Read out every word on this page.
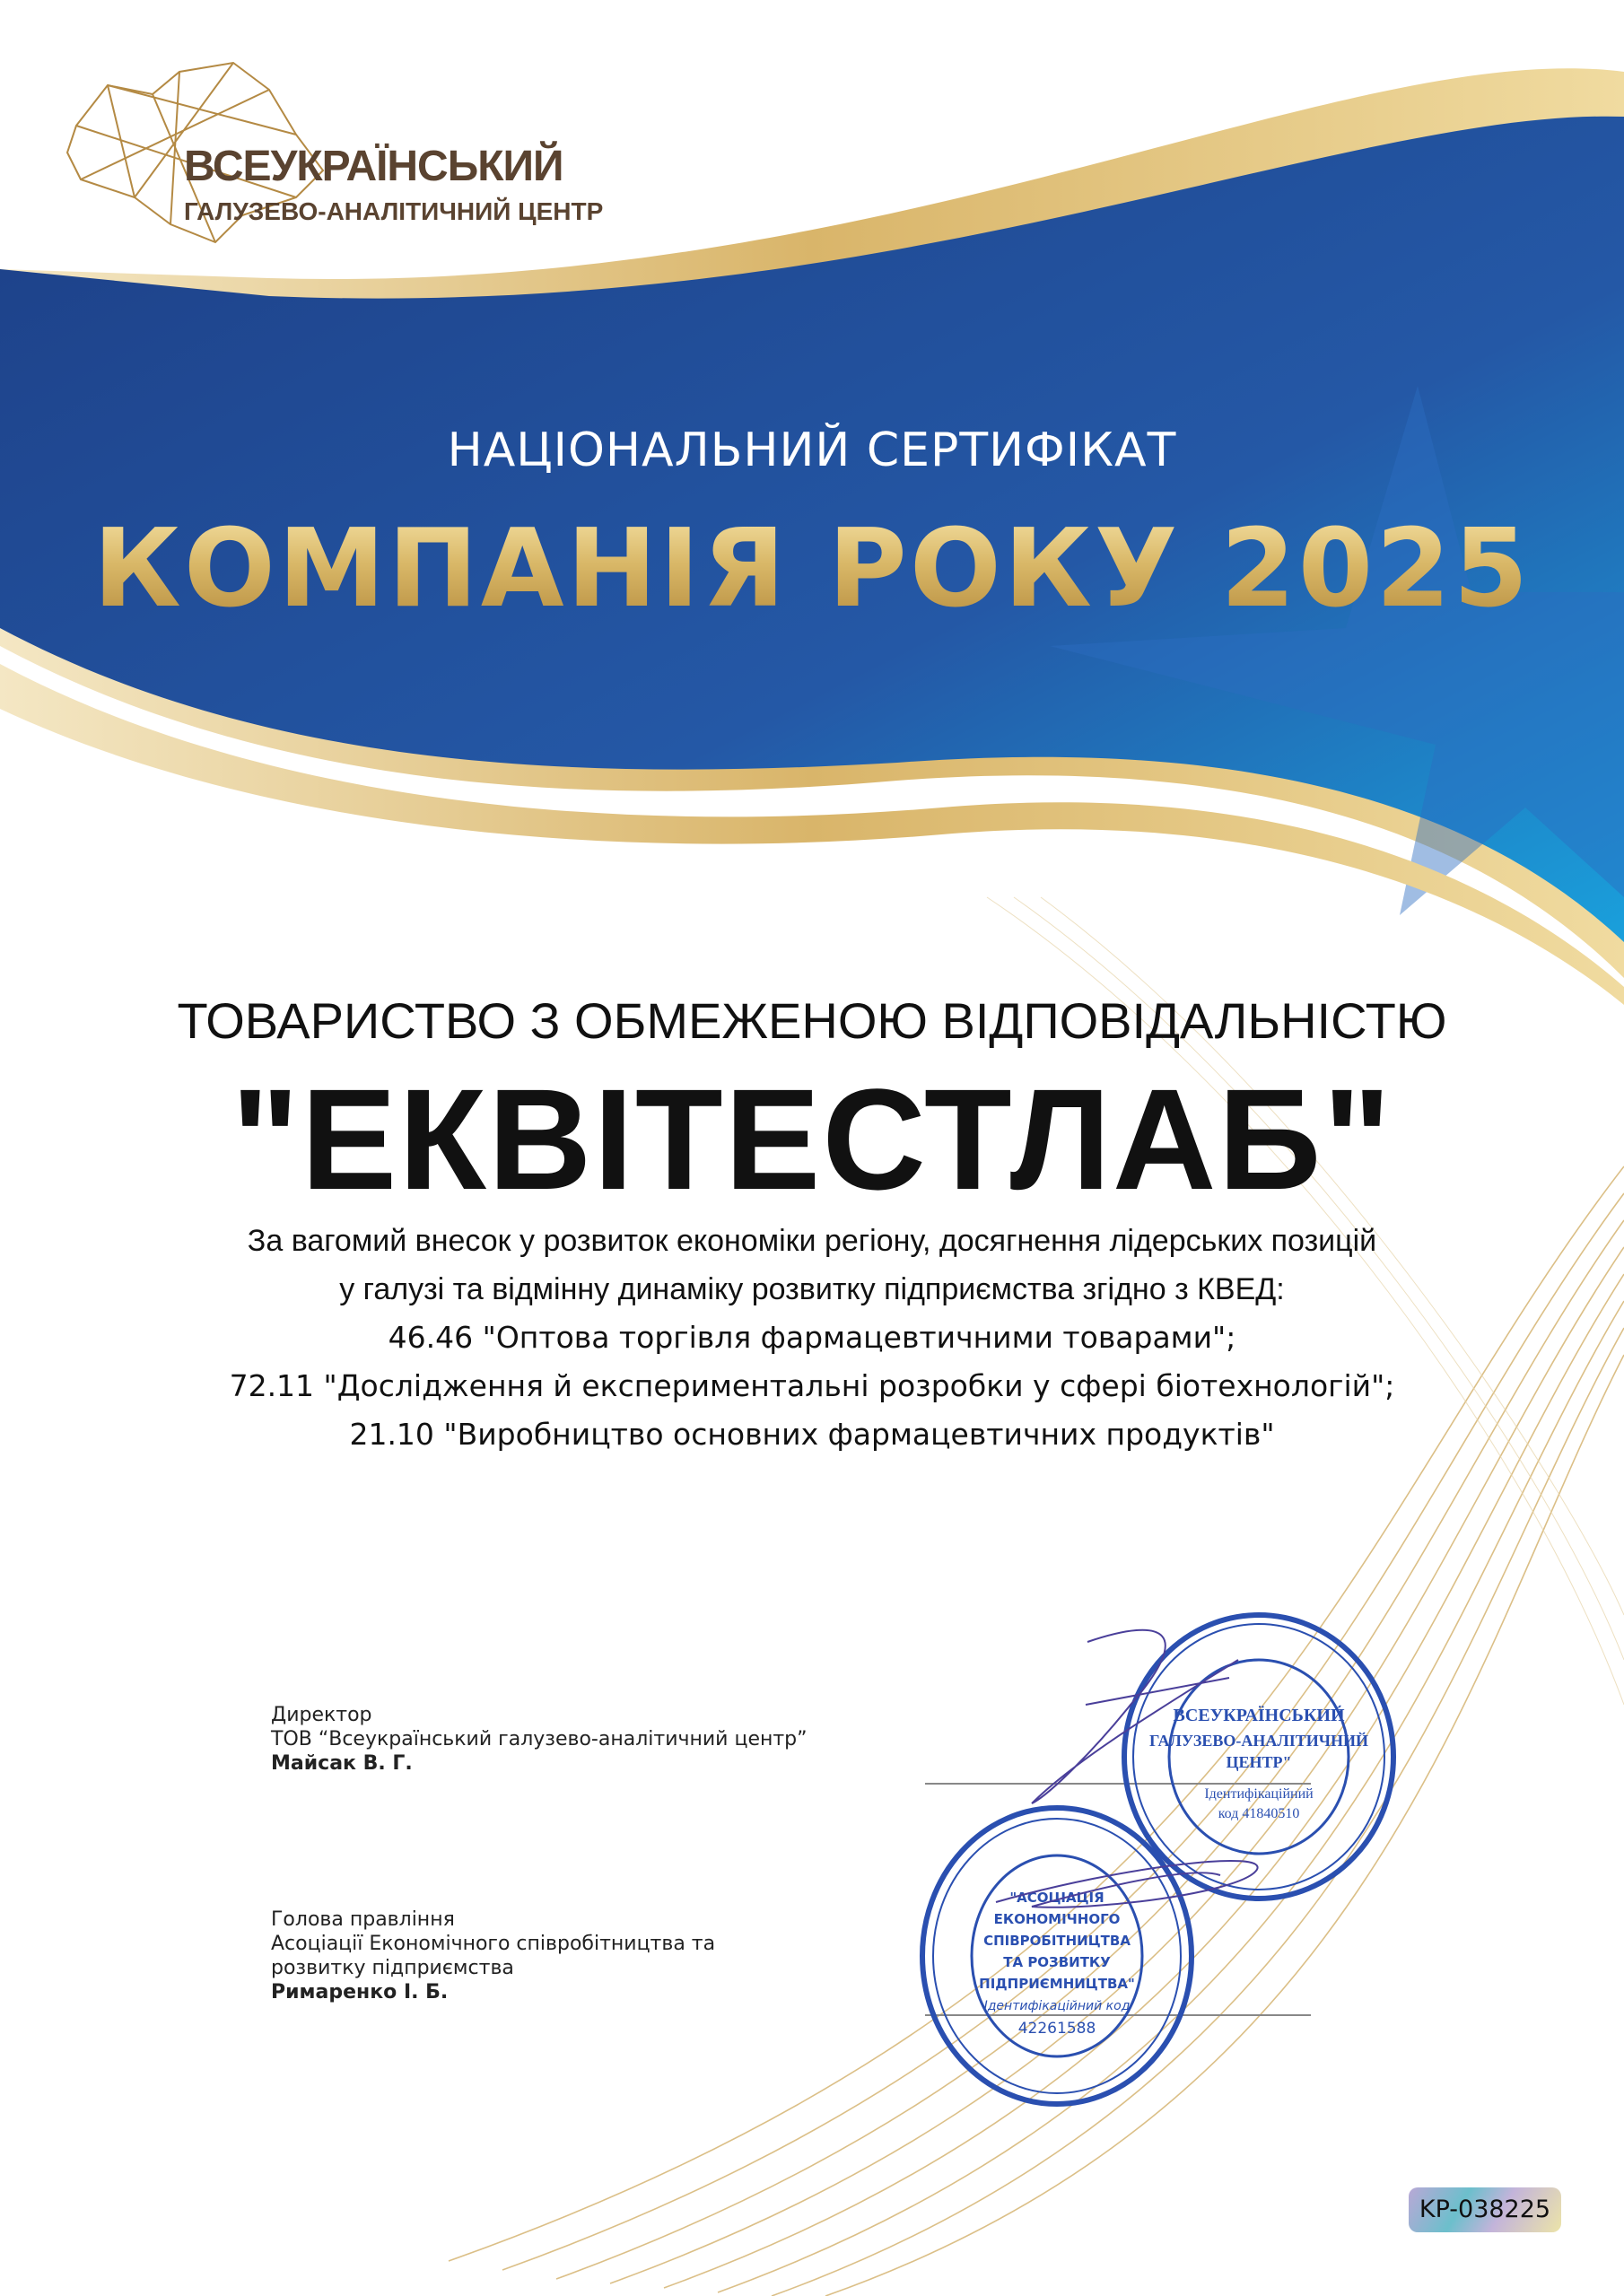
ВСЕУКРАЇНСЬКИЙ
ГАЛУЗЕВО-АНАЛІТИЧНИЙ ЦЕНТР
НАЦІОНАЛЬНИЙ СЕРТИФІКАТ
КОМПАНІЯ РОКУ 2025
ТОВАРИСТВО З ОБМЕЖЕНОЮ ВІДПОВІДАЛЬНІСТЮ
"ЕКВІТЕСТЛАБ"
За вагомий внесок у розвиток економіки регіону, досягнення лідерських позицій
у галузі та відмінну динаміку розвитку підприємства згідно з КВЕД:
46.46 "Оптова торгівля фармацевтичними товарами";
72.11 "Дослідження й експериментальні розробки у сфері біотехнологій";
21.10 "Виробництво основних фармацевтичних продуктів"
Директор
ТОВ “Всеукраїнський галузево-аналітичний центр”
Майсак В. Г.
Голова правління
Асоціації Економічного співробітництва та
розвитку підприємства
Римаренко І. Б.
ВСЕУКРАЇНСЬКИЙ
ГАЛУЗЕВО-АНАЛІТИЧНИЙ
ЦЕНТР"
Ідентифікаційний
код 41840510
"АСОЦІАЦІЯ
ЕКОНОМІЧНОГО
СПІВРОБІТНИЦТВА
ТА РОЗВИТКУ
ПІДПРИЄМНИЦТВА"
Ідентифікаційний код
42261588
KP-038225
